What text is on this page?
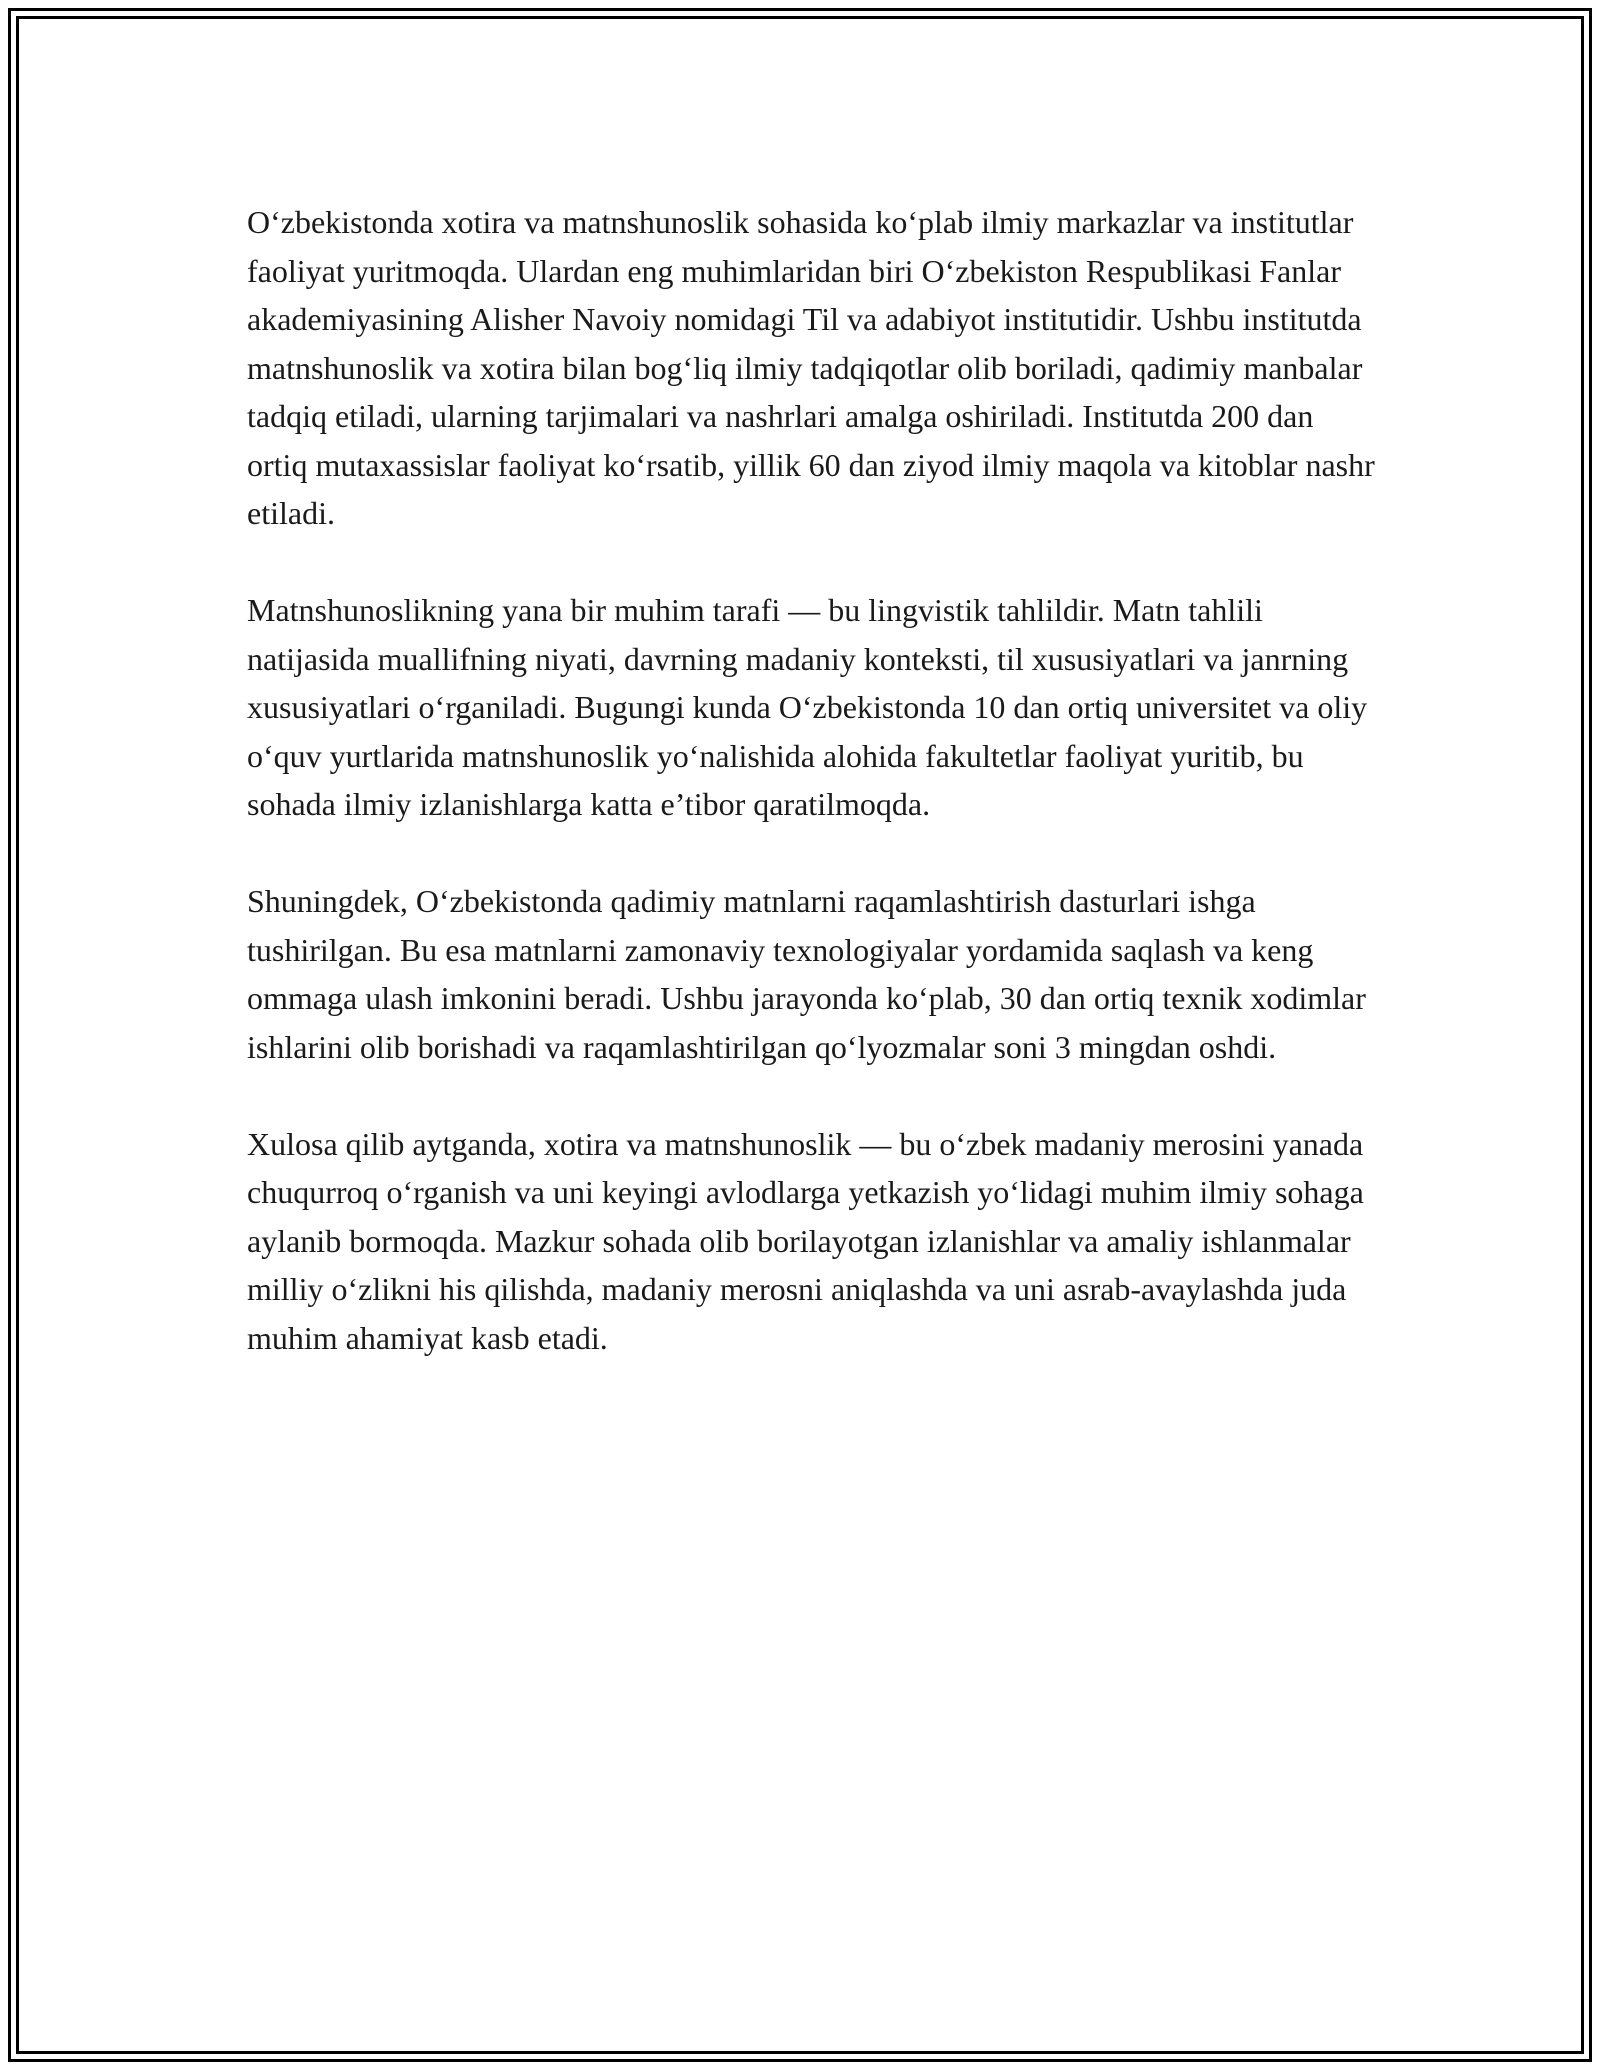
O‘zbekistonda xotira va matnshunoslik sohasida ko‘plab ilmiy markazlar va institutlar faoliyat yuritmoqda. Ulardan eng muhimlaridan biri O‘zbekiston Respublikasi Fanlar akademiyasining Alisher Navoiy nomidagi Til va adabiyot institutidir. Ushbu institutda matnshunoslik va xotira bilan bog‘liq ilmiy tadqiqotlar olib boriladi, qadimiy manbalar tadqiq etiladi, ularning tarjimalari va nashrlari amalga oshiriladi. Institutda 200 dan ortiq mutaxassislar faoliyat ko‘rsatib, yillik 60 dan ziyod ilmiy maqola va kitoblar nashr etiladi.

Matnshunoslikning yana bir muhim tarafi — bu lingvistik tahlildir. Matn tahlili natijasida muallifning niyati, davrning madaniy konteksti, til xususiyatlari va janrning xususiyatlari o‘rganiladi. Bugungi kunda O‘zbekistonda 10 dan ortiq universitet va oliy o‘quv yurtlarida matnshunoslik yo‘nalishida alohida fakultetlar faoliyat yuritib, bu sohada ilmiy izlanishlarga katta e’tibor qaratilmoqda.

Shuningdek, O‘zbekistonda qadimiy matnlarni raqamlashtirish dasturlari ishga tushirilgan. Bu esa matnlarni zamonaviy texnologiyalar yordamida saqlash va keng ommaga ulash imkonini beradi. Ushbu jarayonda ko‘plab, 30 dan ortiq texnik xodimlar ishlarini olib borishadi va raqamlashtirilgan qo‘lyozmalar soni 3 mingdan oshdi.

Xulosa qilib aytganda, xotira va matnshunoslik — bu o‘zbek madaniy merosini yanada chuqurroq o‘rganish va uni keyingi avlodlarga yetkazish yo‘lidagi muhim ilmiy sohaga aylanib bormoqda. Mazkur sohada olib borilayotgan izlanishlar va amaliy ishlanmalar milliy o‘zlikni his qilishda, madaniy merosni aniqlashda va uni asrab-avaylashda juda muhim ahamiyat kasb etadi.
